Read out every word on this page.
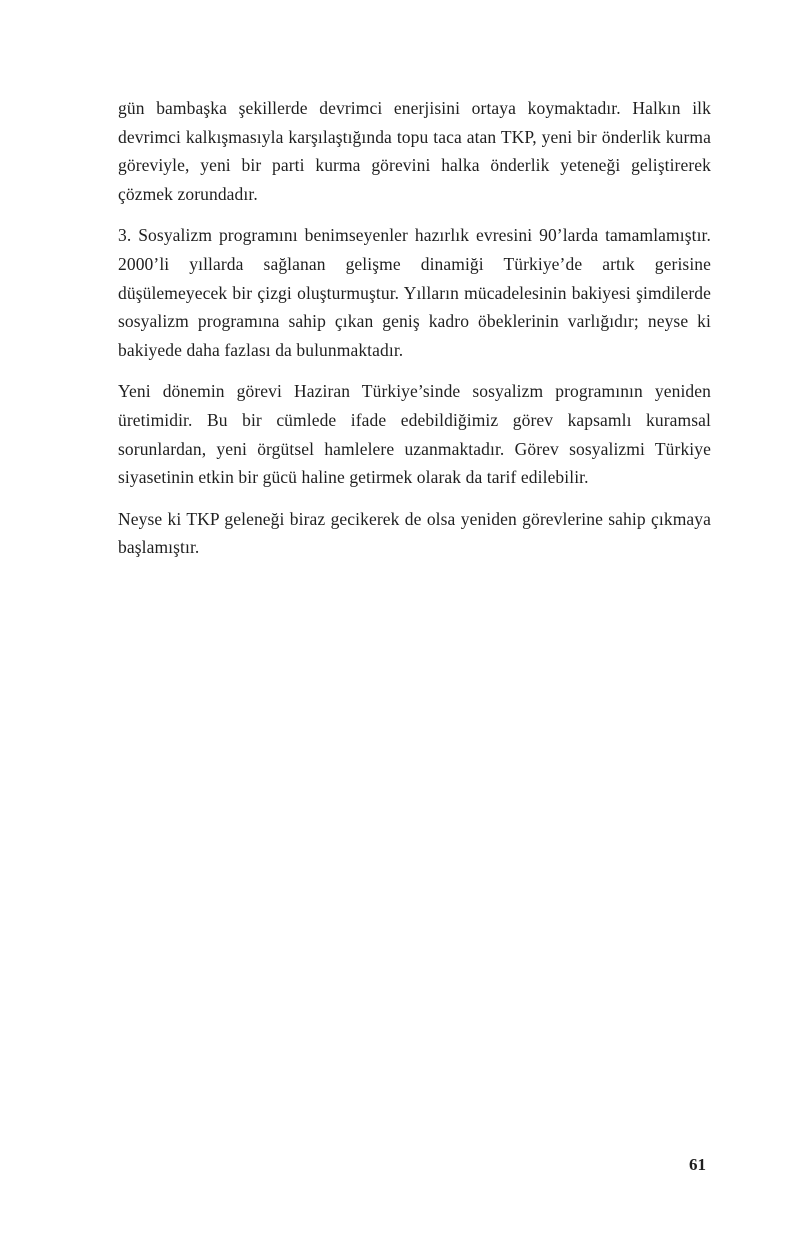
gün bambaşka şekillerde devrimci enerjisini ortaya koymaktadır. Halkın ilk devrimci kalkışmasıyla karşılaştığında topu taca atan TKP, yeni bir önderlik kurma göreviyle, yeni bir parti kurma görevini halka önderlik yeteneği geliştirerek çözmek zorundadır.

3. Sosyalizm programını benimseyenler hazırlık evresini 90’larda tamamlamıştır. 2000’li yıllarda sağlanan gelişme dinamiği Türkiye’de artık gerisine düşülemeyecek bir çizgi oluşturmuştur. Yılların mücadelesinin bakiyesi şimdilerde sosyalizm programına sahip çıkan geniş kadro öbeklerinin varlığıdır; neyse ki bakiyede daha fazlası da bulunmaktadır.

Yeni dönemin görevi Haziran Türkiye’sinde sosyalizm programının yeniden üretimidir. Bu bir cümlede ifade edebildiğimiz görev kapsamlı kuramsal sorunlardan, yeni örgütsel hamlelere uzanmaktadır. Görev sosyalizmi Türkiye siyasetinin etkin bir gücü haline getirmek olarak da tarif edilebilir.

Neyse ki TKP geleneği biraz gecikerek de olsa yeniden görevlerine sahip çıkmaya başlamıştır.

61
